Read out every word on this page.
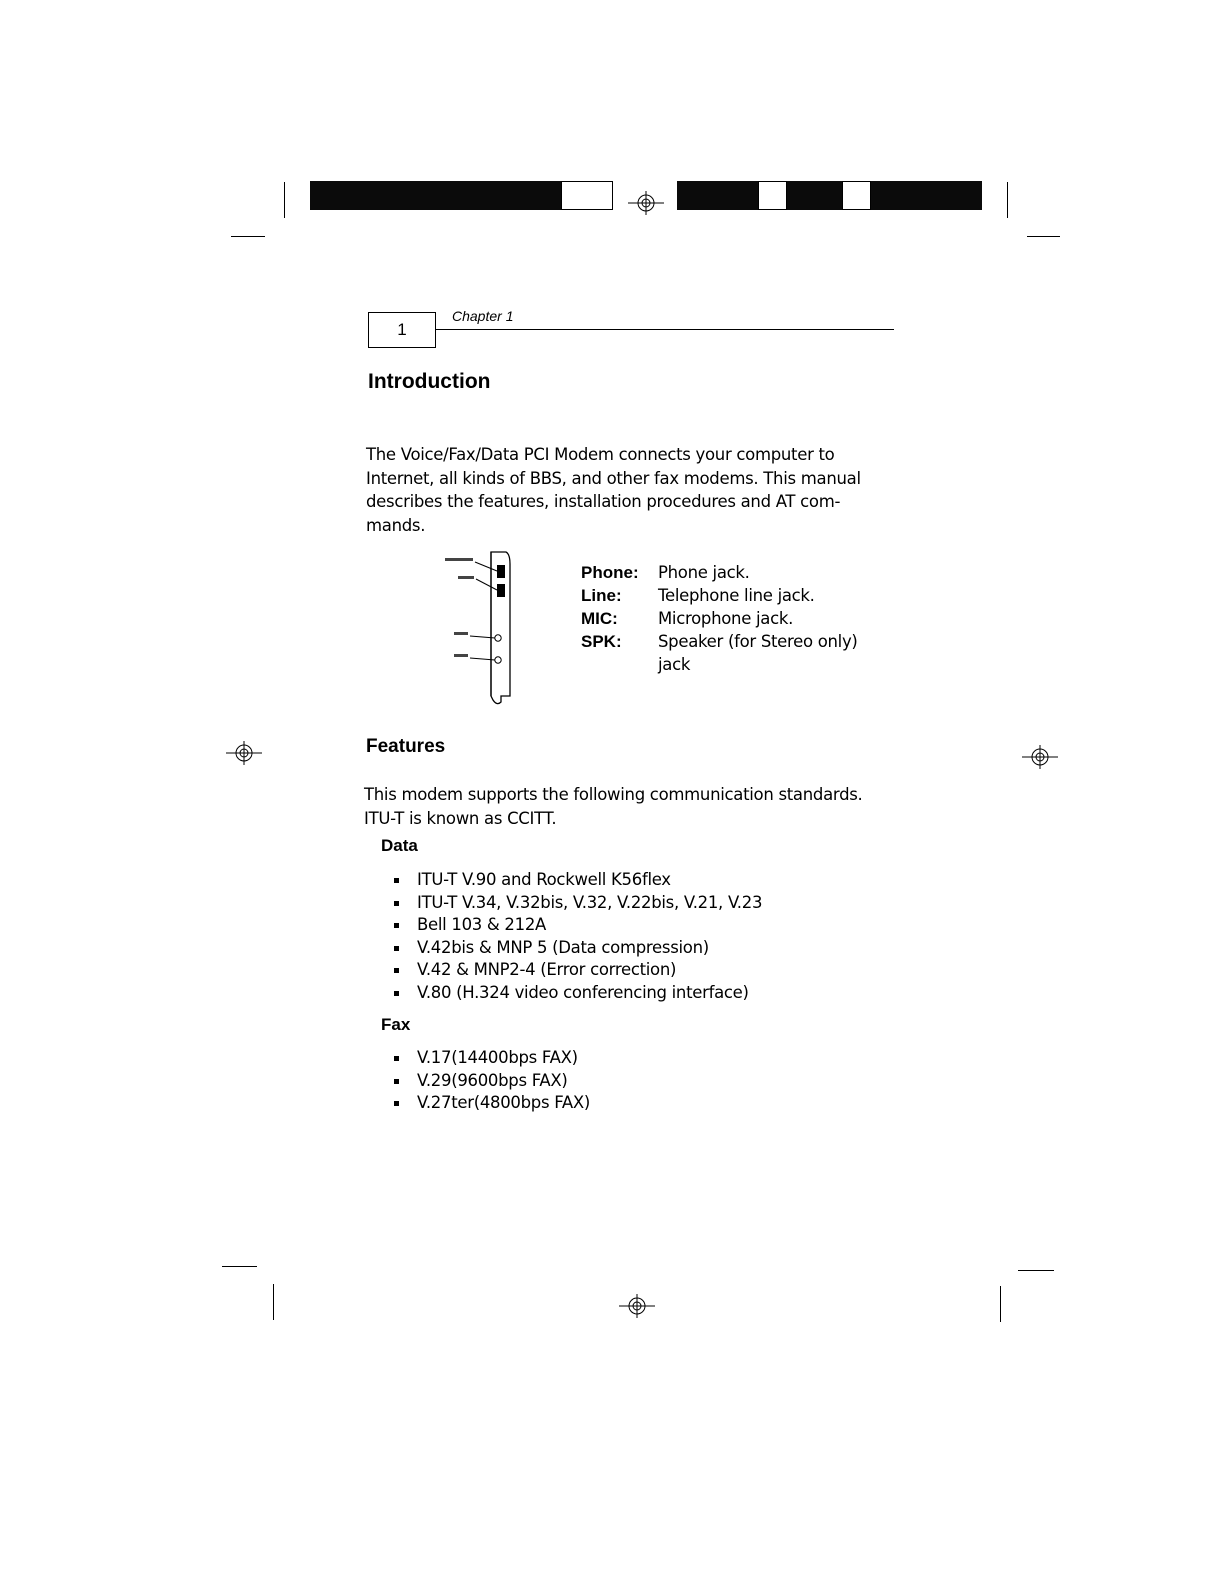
1
Chapter 1
Introduction
The Voice/Fax/Data PCI Modem connects your computer to
Internet, all kinds of BBS, and other fax modems. This manual
describes the features, installation procedures and AT com-
mands.
Phone:	Phone jack.
Line:	Telephone line jack.
MIC:	Microphone jack.
SPK:	Speaker (for Stereo only)
jack
Features
This modem supports the following communication standards.
ITU-T is known as CCITT.
Data
ITU-T V.90 and Rockwell K56flex
ITU-T V.34, V.32bis, V.32, V.22bis, V.21, V.23
Bell 103 & 212A
V.42bis & MNP 5 (Data compression)
V.42 & MNP2-4 (Error correction)
V.80 (H.324 video conferencing interface)
Fax
V.17(14400bps FAX)
V.29(9600bps FAX)
V.27ter(4800bps FAX)
